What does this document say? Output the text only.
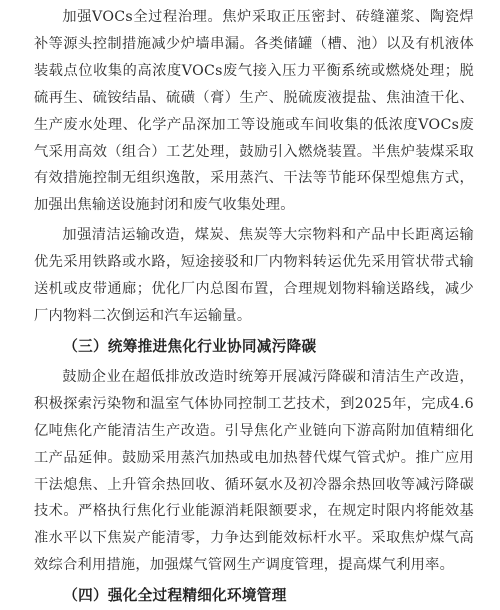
加强VOCs全过程治理。焦炉采取正压密封、砖缝灌浆、陶瓷焊补等源头控制措施减少炉墙串漏。各类储罐（槽、池）以及有机液体装载点位收集的高浓度VOCs废气接入压力平衡系统或燃烧处理；脱硫再生、硫铵结晶、硫磺（膏）生产、脱硫废液提盐、焦油渣干化、生产废水处理、化学产品深加工等设施或车间收集的低浓度VOCs废气采用高效（组合）工艺处理，鼓励引入燃烧装置。半焦炉装煤采取有效措施控制无组织逸散，采用蒸汽、干法等节能环保型熄焦方式，加强出焦输送设施封闭和废气收集处理。

加强清洁运输改造，煤炭、焦炭等大宗物料和产品中长距离运输优先采用铁路或水路，短途接驳和厂内物料转运优先采用管状带式输送机或皮带通廊；优化厂内总图布置，合理规划物料输送路线，减少厂内物料二次倒运和汽车运输量。

（三）统筹推进焦化行业协同减污降碳

鼓励企业在超低排放改造时统筹开展减污降碳和清洁生产改造，积极探索污染物和温室气体协同控制工艺技术，到2025年，完成4.6亿吨焦化产能清洁生产改造。引导焦化产业链向下游高附加值精细化工产品延伸。鼓励采用蒸汽加热或电加热替代煤气管式炉。推广应用干法熄焦、上升管余热回收、循环氨水及初冷器余热回收等减污降碳技术。严格执行焦化行业能源消耗限额要求，在规定时限内将能效基准水平以下焦炭产能清零，力争达到能效标杆水平。采取焦炉煤气高效综合利用措施，加强煤气管网生产调度管理，提高煤气利用率。

（四）强化全过程精细化环境管理
